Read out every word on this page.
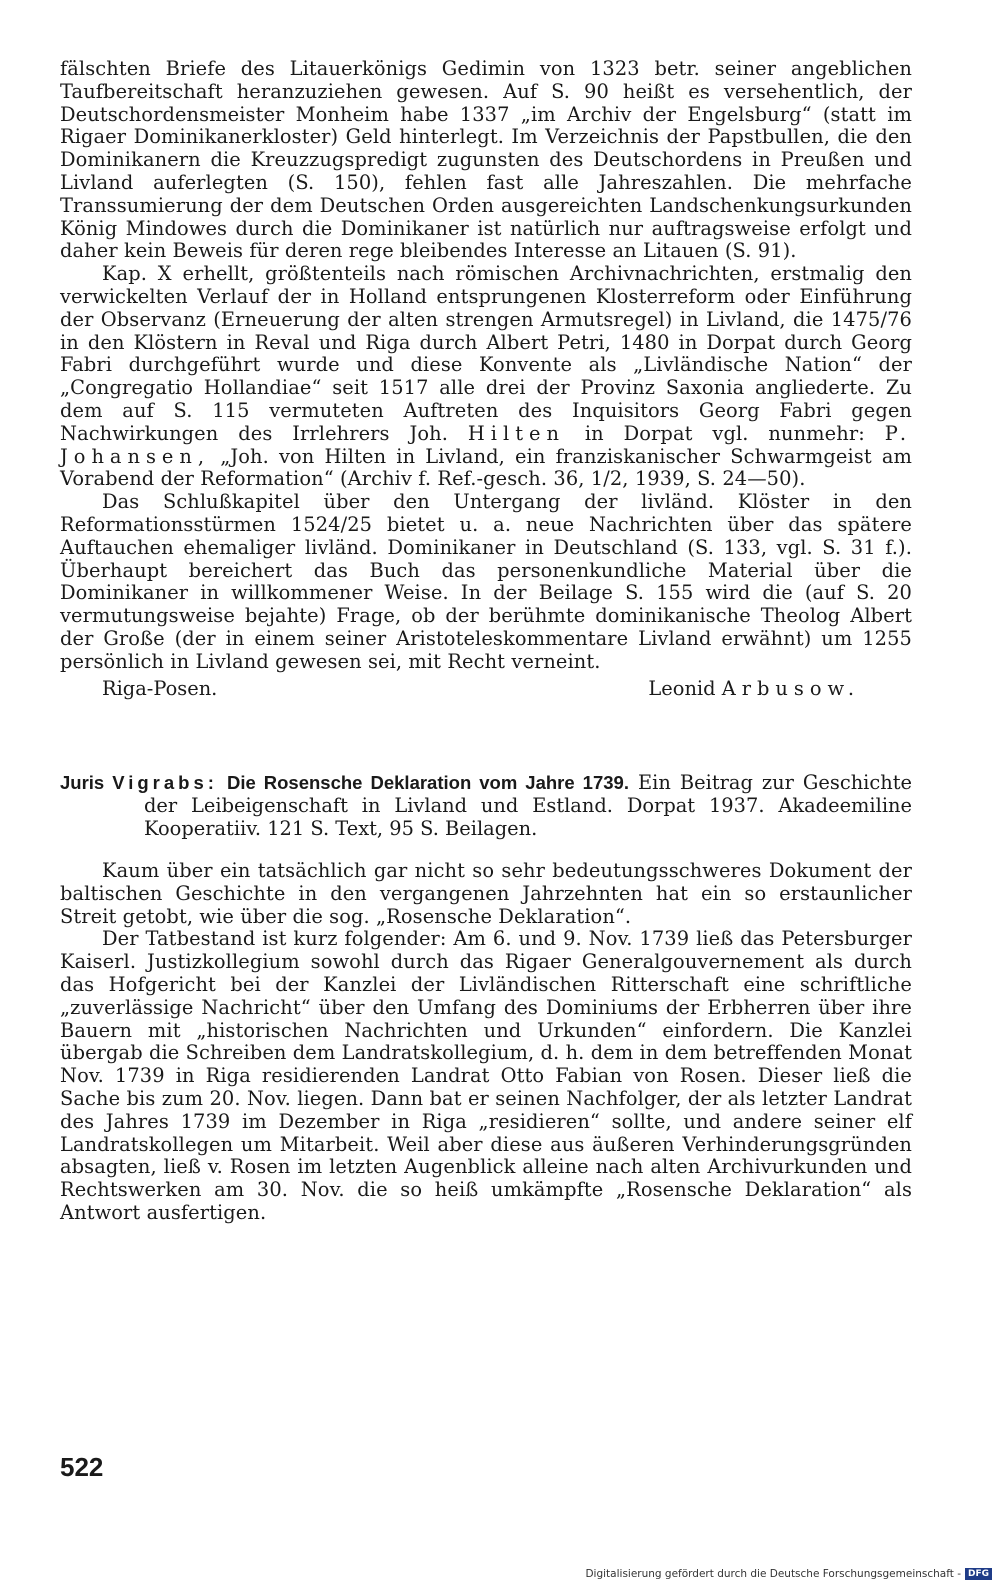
fälschten Briefe des Litauerkönigs Gedimin von 1323 betr. seiner angeblichen Taufbereitschaft heranzuziehen gewesen. Auf S. 90 heißt es versehentlich, der Deutschordensmeister Monheim habe 1337 „im Archiv der Engelsburg“ (statt im Rigaer Dominikanerkloster) Geld hinterlegt. Im Verzeichnis der Papstbullen, die den Dominikanern die Kreuzzugspredigt zugunsten des Deutschordens in Preußen und Livland auferlegten (S. 150), fehlen fast alle Jahreszahlen. Die mehrfache Transsumierung der dem Deutschen Orden ausgereichten Landschenkungsurkunden König Mindowes durch die Dominikaner ist natürlich nur auftragsweise erfolgt und daher kein Beweis für deren rege bleibendes Interesse an Litauen (S. 91).

Kap. X erhellt, größtenteils nach römischen Archivnachrichten, erstmalig den verwickelten Verlauf der in Holland entsprungenen Klosterreform oder Einführung der Observanz (Erneuerung der alten strengen Armutsregel) in Livland, die 1475/76 in den Klöstern in Reval und Riga durch Albert Petri, 1480 in Dorpat durch Georg Fabri durchgeführt wurde und diese Konvente als „Livländische Nation“ der „Congregatio Hollandiae“ seit 1517 alle drei der Provinz Saxonia angliederte. Zu dem auf S. 115 vermuteten Auftreten des Inquisitors Georg Fabri gegen Nachwirkungen des Irrlehrers Joh. Hilten in Dorpat vgl. nunmehr: P. Johansen, „Joh. von Hilten in Livland, ein franziskanischer Schwarmgeist am Vorabend der Reformation“ (Archiv f. Ref.-gesch. 36, 1/2, 1939, S. 24—50).

Das Schlußkapitel über den Untergang der livländ. Klöster in den Reformationsstürmen 1524/25 bietet u. a. neue Nachrichten über das spätere Auftauchen ehemaliger livländ. Dominikaner in Deutschland (S. 133, vgl. S. 31 f.). Überhaupt bereichert das Buch das personenkundliche Material über die Dominikaner in willkommener Weise. In der Beilage S. 155 wird die (auf S. 20 vermutungsweise bejahte) Frage, ob der berühmte dominikanische Theolog Albert der Große (der in einem seiner Aristoteleskommentare Livland erwähnt) um 1255 persönlich in Livland gewesen sei, mit Recht verneint.

Riga-Posen.	Leonid Arbusow.

Juris Vigrabs: Die Rosensche Deklaration vom Jahre 1739. Ein Beitrag zur Geschichte der Leibeigenschaft in Livland und Estland. Dorpat 1937. Akadeemiline Kooperatiiv. 121 S. Text, 95 S. Beilagen.

Kaum über ein tatsächlich gar nicht so sehr bedeutungsschweres Dokument der baltischen Geschichte in den vergangenen Jahrzehnten hat ein so erstaunlicher Streit getobt, wie über die sog. „Rosensche Deklaration“.

Der Tatbestand ist kurz folgender: Am 6. und 9. Nov. 1739 ließ das Petersburger Kaiserl. Justizkollegium sowohl durch das Rigaer Generalgouvernement als durch das Hofgericht bei der Kanzlei der Livländischen Ritterschaft eine schriftliche „zuverlässige Nachricht“ über den Umfang des Dominiums der Erbherren über ihre Bauern mit „historischen Nachrichten und Urkunden“ einfordern. Die Kanzlei übergab die Schreiben dem Landratskollegium, d. h. dem in dem betreffenden Monat Nov. 1739 in Riga residierenden Landrat Otto Fabian von Rosen. Dieser ließ die Sache bis zum 20. Nov. liegen. Dann bat er seinen Nachfolger, der als letzter Landrat des Jahres 1739 im Dezember in Riga „residieren“ sollte, und andere seiner elf Landratskollegen um Mitarbeit. Weil aber diese aus äußeren Verhinderungsgründen absagten, ließ v. Rosen im letzten Augenblick alleine nach alten Archivurkunden und Rechtswerken am 30. Nov. die so heiß umkämpfte „Rosensche Deklaration“ als Antwort ausfertigen.

522
Digitalisierung gefördert durch die Deutsche Forschungsgemeinschaft - DFG
